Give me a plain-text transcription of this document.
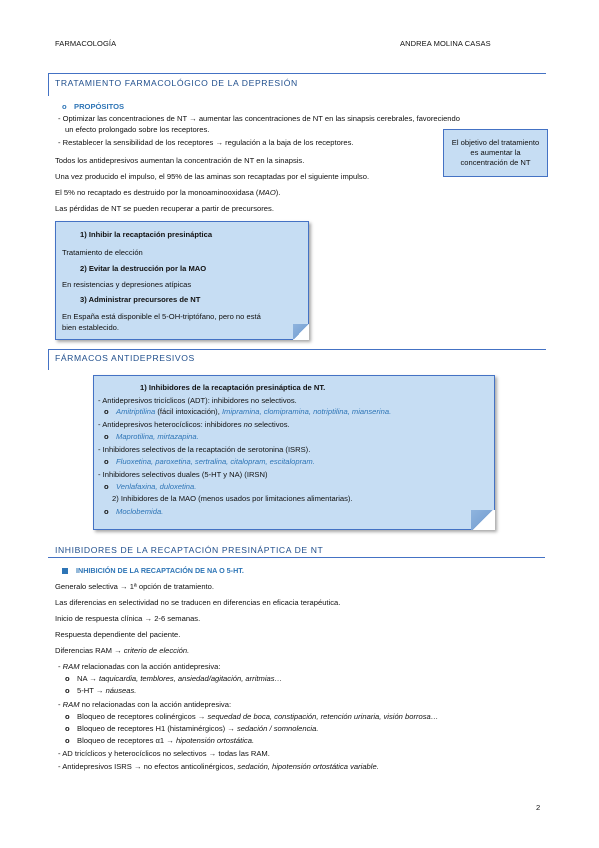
FARMACOLOGÍA	ANDREA MOLINA CASAS
TRATAMIENTO FARMACOLÓGICO DE LA DEPRESIÓN
o PROPÓSITOS
- Optimizar las concentraciones de NT → aumentar las concentraciones de NT en las sinapsis cerebrales, favoreciendo
un efecto prolongado sobre los receptores.
- Restablecer la sensibilidad de los receptores → regulación a la baja de los receptores.
Todos los antidepresivos aumentan la concentración de NT en la sinapsis.
Una vez producido el impulso, el 95% de las aminas son recaptadas por el siguiente impulso.
El 5% no recaptado es destruido por la monoaminooxidasa (MAO).
Las pérdidas de NT se pueden recuperar a partir de precursores.
El objetivo del tratamiento
es aumentar la
concentración de NT
1) Inhibir la recaptación presináptica
Tratamiento de elección
2) Evitar la destrucción por la MAO
En resistencias y depresiones atípicas
3) Administrar precursores de NT
En España está disponible el 5-OH-triptófano, pero no está
bien establecido.
FÁRMACOS ANTIDEPRESIVOS
1) Inhibidores de la recaptación presináptica de NT.
- Antidepresivos tricíclicos (ADT): inhibidores no selectivos.
o Amitriptilina (fácil intoxicación), Imipramina, clomipramina, notriptilina, mianserina.
- Antidepresivos heterocíclicos: inhibidores no selectivos.
o Maprotilina, mirtazapina.
- Inhibidores selectivos de la recaptación de serotonina (ISRS).
o Fluoxetina, paroxetina, sertralina, citalopram, escitalopram.
- Inhibidores selectivos duales (5-HT y NA) (IRSN)
o Venlafaxina, duloxetina.
2) Inhibidores de la MAO (menos usados por limitaciones alimentarias).
o Moclobemida.
INHIBIDORES DE LA RECAPTACIÓN PRESINÁPTICA DE NT
INHIBICIÓN DE LA RECAPTACIÓN DE NA O 5-HT.
Generalo selectiva → 1ª opción de tratamiento.
Las diferencias en selectividad no se traducen en diferencias en eficacia terapéutica.
Inicio de respuesta clínica → 2-6 semanas.
Respuesta dependiente del paciente.
Diferencias RAM → criterio de elección.
- RAM relacionadas con la acción antidepresiva:
o NA → taquicardia, temblores, ansiedad/agitación, arritmias…
o 5-HT → náuseas.
- RAM no relacionadas con la acción antidepresiva:
o Bloqueo de receptores colinérgicos → sequedad de boca, constipación, retención urinaria, visión borrosa…
o Bloqueo de receptores H1 (histaminérgicos) → sedación / somnolencia.
o Bloqueo de receptores α1 → hipotensión ortostática.
- AD tricíclicos y heterocíclicos no selectivos → todas las RAM.
- Antidepresivos ISRS → no efectos anticolinérgicos, sedación, hipotensión ortostática variable.
2
